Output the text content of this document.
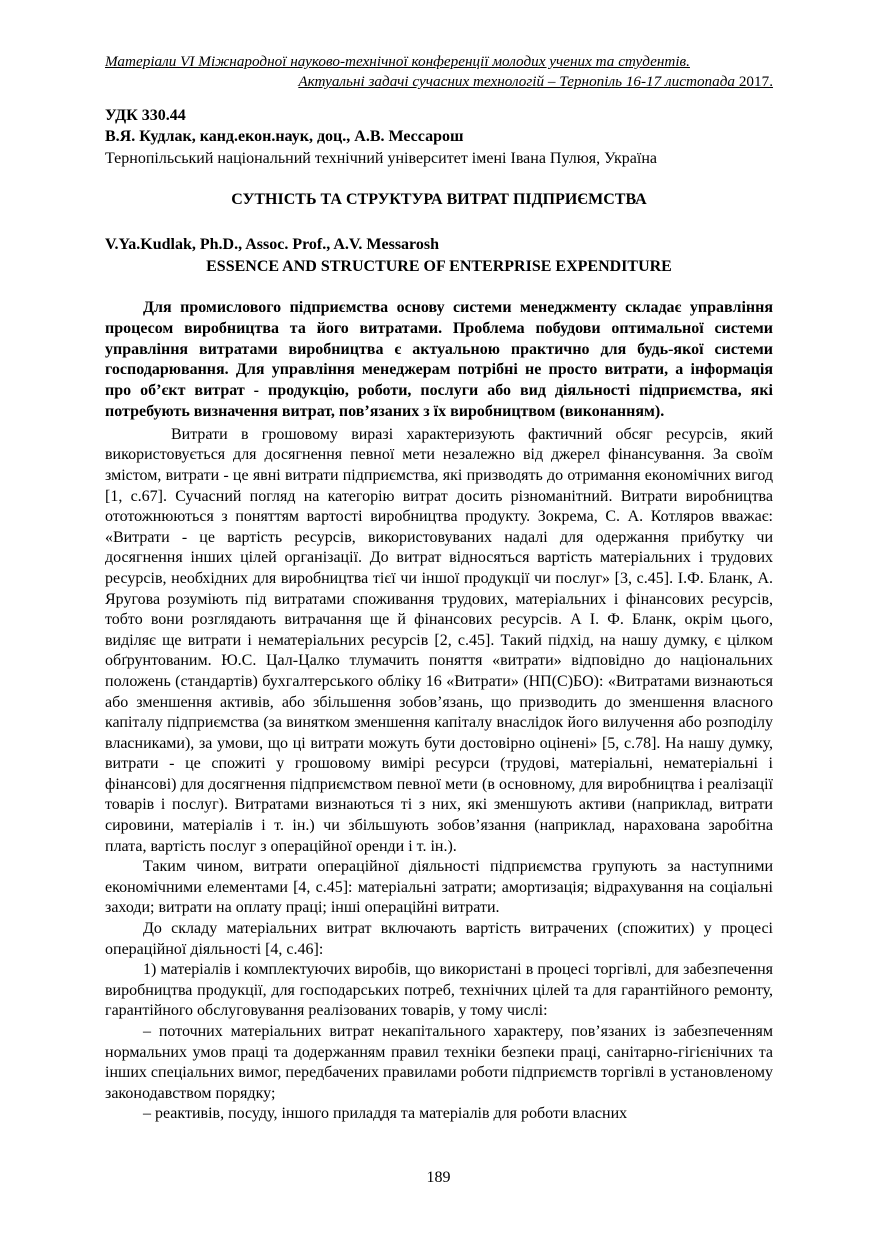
Матеріали VI Міжнародної науково-технічної конференції молодих учених та студентів.

Актуальні задачі сучасних технологій – Тернопіль 16-17 листопада 2017.

УДК 330.44

В.Я. Кудлак, канд.екон.наук, доц., А.В. Мессарош

Тернопільський національний технічний університет імені Івана Пулюя, Україна

СУТНІСТЬ ТА СТРУКТУРА ВИТРАТ ПІДПРИЄМСТВА

V.Ya.Kudlak, Ph.D., Assoc. Prof., A.V. Messarosh

ESSENCE AND STRUCTURE OF ENTERPRISE EXPENDITURE

Для промислового підприємства основу системи менеджменту складає управління процесом виробництва та його витратами. Проблема побудови оптимальної системи управління витратами виробництва є актуальною практично для будь-якої системи господарювання. Для управління менеджерам потрібні не просто витрати, а інформація про об’єкт витрат - продукцію, роботи, послуги або вид діяльності підприємства, які потребують визначення витрат, пов’язаних з їх виробництвом (виконанням).

Витрати в грошовому виразі характеризують фактичний обсяг ресурсів, який використовується для досягнення певної мети незалежно від джерел фінансування. За своїм змістом, витрати - це явні витрати підприємства, які призводять до отримання економічних вигод [1, с.67]. Сучасний погляд на категорію витрат досить різноманітний. Витрати виробництва ототожнюються з поняттям вартості виробництва продукту. Зокрема, С. А. Котляров вважає: «Витрати - це вартість ресурсів, використовуваних надалі для одержання прибутку чи досягнення інших цілей організації. До витрат відносяться вартість матеріальних і трудових ресурсів, необхідних для виробництва тієї чи іншої продукції чи послуг» [3, с.45]. І.Ф. Бланк, А. Яругова розуміють під витратами споживання трудових, матеріальних і фінансових ресурсів, тобто вони розглядають витрачання ще й фінансових ресурсів. А І. Ф. Бланк, окрім цього, виділяє ще витрати і нематеріальних ресурсів [2, с.45]. Такий підхід, на нашу думку, є цілком обґрунтованим. Ю.С. Цал-Цалко тлумачить поняття «витрати» відповідно до національних положень (стандартів) бухгалтерського обліку 16 «Витрати» (НП(С)БО): «Витратами визнаються або зменшення активів, або збільшення зобов’язань, що призводить до зменшення власного капіталу підприємства (за винятком зменшення капіталу внаслідок його вилучення або розподілу власниками), за умови, що ці витрати можуть бути достовірно оцінені» [5, с.78]. На нашу думку, витрати - це спожиті у грошовому вимірі ресурси (трудові, матеріальні, нематеріальні і фінансові) для досягнення підприємством певної мети (в основному, для виробництва і реалізації товарів і послуг). Витратами визнаються ті з них, які зменшують активи (наприклад, витрати сировини, матеріалів і т. ін.) чи збільшують зобов’язання (наприклад, нарахована заробітна плата, вартість послуг з операційної оренди і т. ін.).

Таким чином, витрати операційної діяльності підприємства групують за наступними економічними елементами [4, с.45]: матеріальні затрати; амортизація; відрахування на соціальні заходи; витрати на оплату праці; інші операційні витрати.

До складу матеріальних витрат включають вартість витрачених (спожитих) у процесі операційної діяльності [4, с.46]:

1) матеріалів і комплектуючих виробів, що використані в процесі торгівлі, для забезпечення виробництва продукції, для господарських потреб, технічних цілей та для гарантійного ремонту, гарантійного обслуговування реалізованих товарів, у тому числі:

– поточних матеріальних витрат некапітального характеру, пов’язаних із забезпеченням нормальних умов праці та додержанням правил техніки безпеки праці, санітарно-гігієнічних та інших спеціальних вимог, передбачених правилами роботи підприємств торгівлі в установленому законодавством порядку;

– реактивів, посуду, іншого приладдя та матеріалів для роботи власних

189
